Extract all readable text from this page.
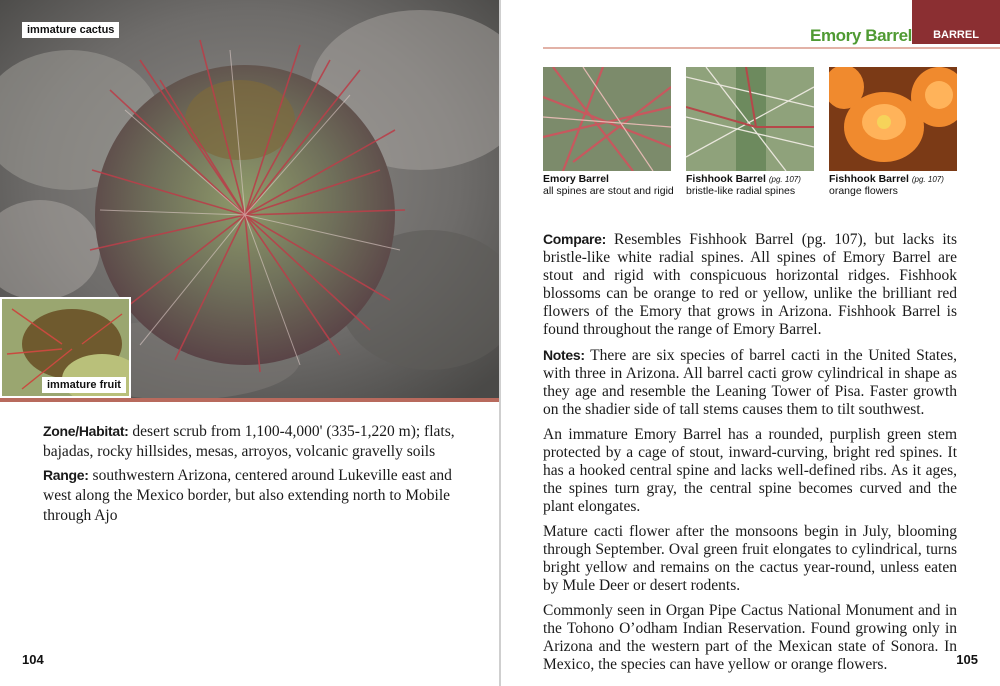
immature cactus
immature fruit

Zone/Habitat: desert scrub from 1,100-4,000' (335-1,220 m); flats, bajadas, rocky hillsides, mesas, arroyos, volcanic gravelly soils

Range: southwestern Arizona, centered around Lukeville east and west along the Mexico border, but also extending north to Mobile through Ajo

104
Emory Barrel	BARREL
Emory Barrel
all spines are stout and rigid
Fishhook Barrel (pg. 107)
bristle-like radial spines
Fishhook Barrel (pg. 107)
orange flowers

Compare: Resembles Fishhook Barrel (pg. 107), but lacks its bristle-like white radial spines. All spines of Emory Barrel are stout and rigid with conspicuous horizontal ridges. Fishhook blossoms can be orange to red or yellow, unlike the brilliant red flowers of the Emory that grows in Arizona. Fishhook Barrel is found throughout the range of Emory Barrel.

Notes: There are six species of barrel cacti in the United States, with three in Arizona. All barrel cacti grow cylindrical in shape as they age and resemble the Leaning Tower of Pisa. Faster growth on the shadier side of tall stems causes them to tilt southwest.

An immature Emory Barrel has a rounded, purplish green stem protected by a cage of stout, inward-curving, bright red spines. It has a hooked central spine and lacks well-defined ribs. As it ages, the spines turn gray, the central spine becomes curved and the plant elongates.

Mature cacti flower after the monsoons begin in July, blooming through September. Oval green fruit elongates to cylindrical, turns bright yellow and remains on the cactus year-round, unless eaten by Mule Deer or desert rodents.

Commonly seen in Organ Pipe Cactus National Monument and in the Tohono O’odham Indian Reservation. Found growing only in Arizona and the western part of the Mexican state of Sonora. In Mexico, the species can have yellow or orange flowers.	105
